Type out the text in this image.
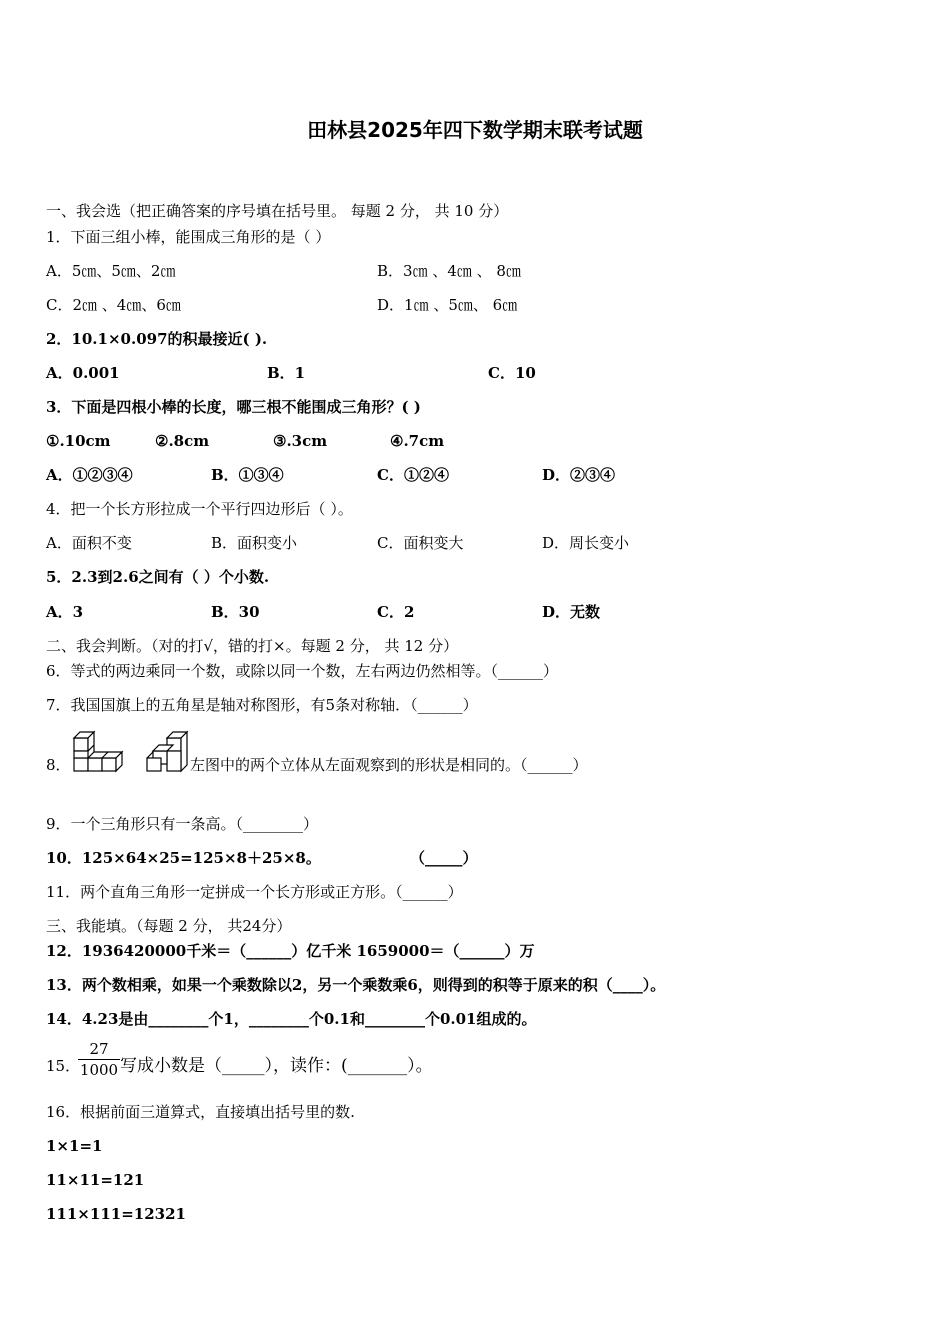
田林县2025年四下数学期末联考试题
一、我会选（把正确答案的序号填在括号里。 每题 2 分， 共 10 分）
1．下面三组小棒，能围成三角形的是（ ）
A．5㎝、5㎝、2㎝	B．3㎝ 、4㎝ 、 8㎝
C．2㎝ 、4㎝、6㎝	D．1㎝ 、5㎝、 6㎝
2．10.1×0.097的积最接近( ).
A．0.001	B．1	C．10
3．下面是四根小棒的长度，哪三根不能围成三角形？( )
①.10cm	②.8cm	③.3cm	④.7cm
A．①②③④	B．①③④	C．①②④	D．②③④
4．把一个长方形拉成一个平行四边形后（ ）。
A．面积不变	B．面积变小	C．面积变大	D．周长变小
5．2.3到2.6之间有（ ）个小数.
A．3	B．30	C．2	D．无数
二、我会判断。（对的打√，错的打×。每题 2 分， 共 12 分）
6．等式的两边乘同一个数，或除以同一个数，左右两边仍然相等。（______）
7．我国国旗上的五角星是轴对称图形，有5条对称轴．（______）
8．	左图中的两个立体从左面观察到的形状是相同的。（______）
9．一个三角形只有一条高。（________）
10．125×64×25=125×8＋25×8。	（_____）
11．两个直角三角形一定拼成一个长方形或正方形。（______）
三、我能填。（每题 2 分， 共24分）
12．1936420000千米＝（______）亿千米 1659000＝（______）万
13．两个数相乘，如果一个乘数除以2，另一个乘数乘6，则得到的积等于原来的积（____）。
14．4.23是由________个1，________个0.1和________个0.01组成的。
15．
27
1000 写成小数是（_____），读作：(_______）。
16．根据前面三道算式，直接填出括号里的数.
1×1=1
11×11=121
111×111=12321
